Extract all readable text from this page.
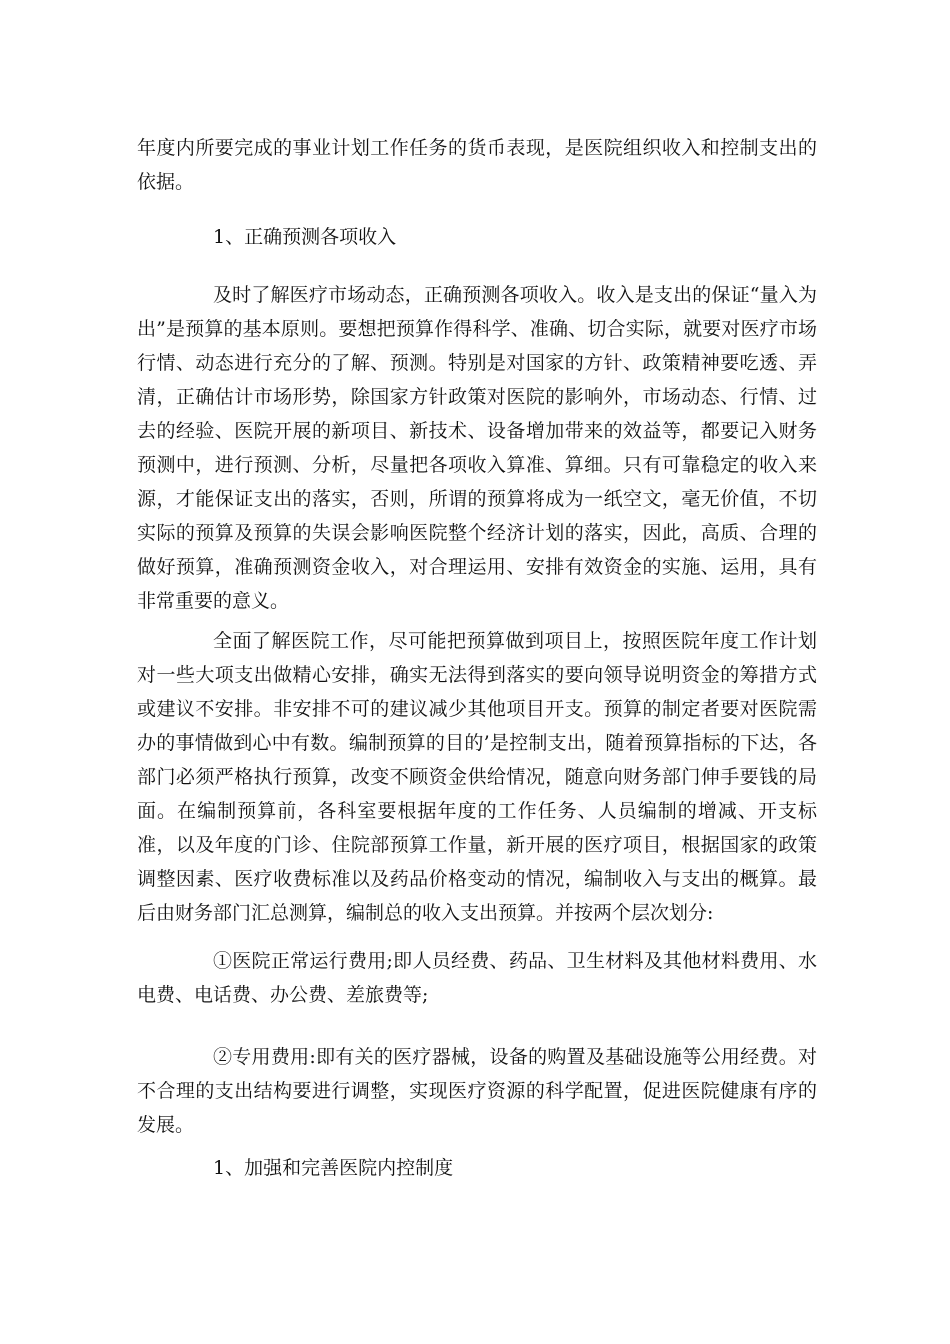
年度内所要完成的事业计划工作任务的货币表现，是医院组织收入和控制支出的依据。
1、正确预测各项收入
及时了解医疗市场动态，正确预测各项收入。收入是支出的保证“量入为出”是预算的基本原则。要想把预算作得科学、准确、切合实际，就要对医疗市场行情、动态进行充分的了解、预测。特别是对国家的方针、政策精神要吃透、弄清，正确估计市场形势，除国家方针政策对医院的影响外，市场动态、行情、过去的经验、医院开展的新项目、新技术、设备增加带来的效益等，都要记入财务预测中，进行预测、分析，尽量把各项收入算准、算细。只有可靠稳定的收入来源，才能保证支出的落实，否则，所谓的预算将成为一纸空文，毫无价值，不切实际的预算及预算的失误会影响医院整个经济计划的落实，因此，高质、合理的做好预算，准确预测资金收入，对合理运用、安排有效资金的实施、运用，具有非常重要的意义。
全面了解医院工作，尽可能把预算做到项目上，按照医院年度工作计划对一些大项支出做精心安排，确实无法得到落实的要向领导说明资金的筹措方式或建议不安排。非安排不可的建议减少其他项目开支。预算的制定者要对医院需办的事情做到心中有数。编制预算的目的’是控制支出，随着预算指标的下达，各部门必须严格执行预算，改变不顾资金供给情况，随意向财务部门伸手要钱的局面。在编制预算前，各科室要根据年度的工作任务、人员编制的增减、开支标准，以及年度的门诊、住院部预算工作量，新开展的医疗项目，根据国家的政策调整因素、医疗收费标准以及药品价格变动的情况，编制收入与支出的概算。最后由财务部门汇总测算，编制总的收入支出预算。并按两个层次划分:
①医院正常运行费用;即人员经费、药品、卫生材料及其他材料费用、水电费、电话费、办公费、差旅费等;
②专用费用:即有关的医疗器械，设备的购置及基础设施等公用经费。对不合理的支出结构要进行调整，实现医疗资源的科学配置，促进医院健康有序的发展。
1、加强和完善医院内控制度
